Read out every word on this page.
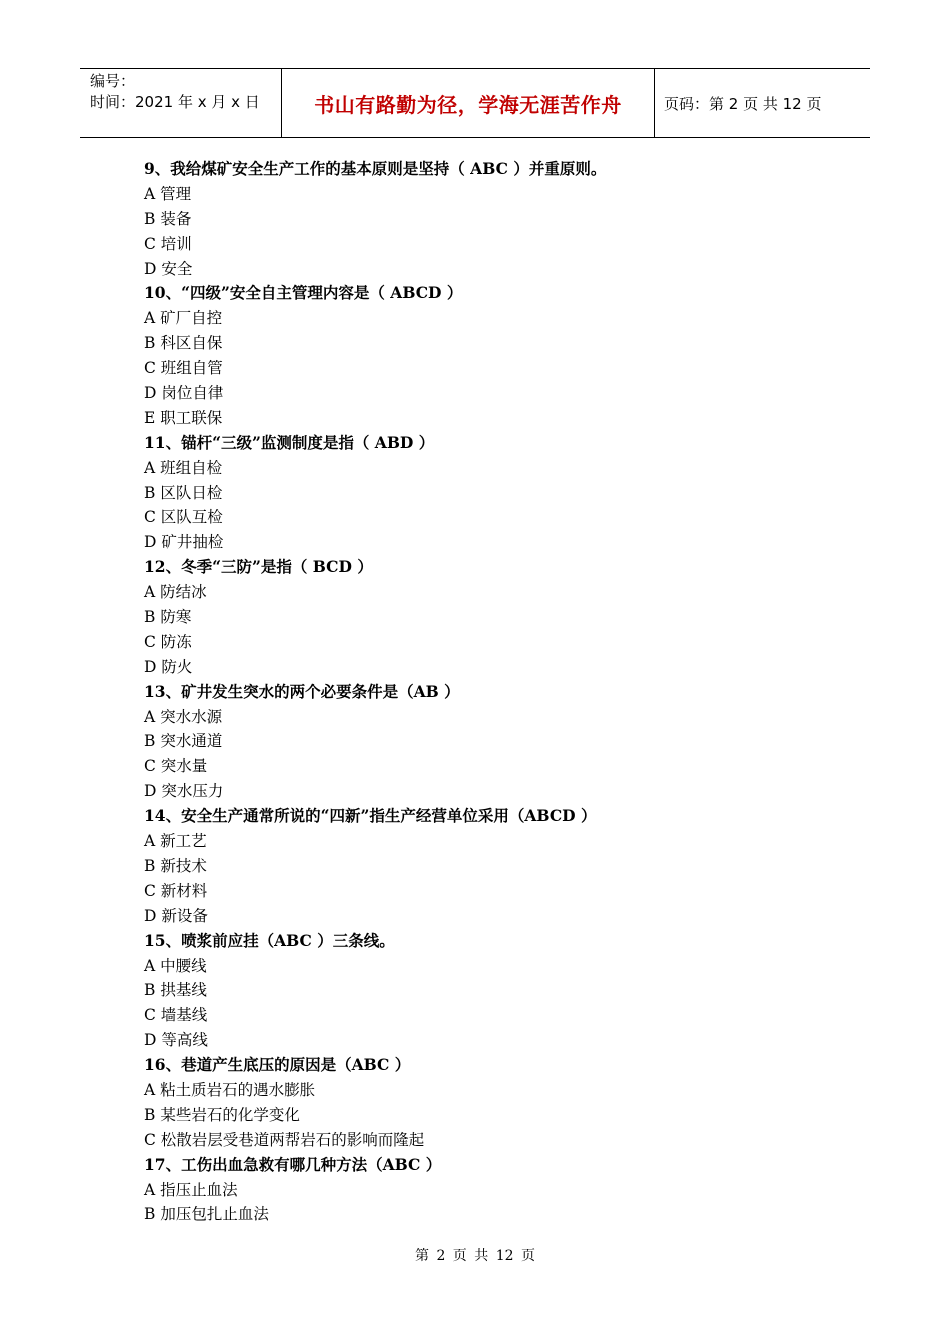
编号：
时间：2021 年 x 月 x 日	书山有路勤为径，学海无涯苦作舟	页码：第 2 页 共 12 页
9、我给煤矿安全生产工作的基本原则是坚持（ ABC ）并重原则。
A 管理
B 装备
C 培训
D 安全
10、“四级”安全自主管理内容是（ ABCD ）
A 矿厂自控
B 科区自保
C 班组自管
D 岗位自律
E 职工联保
11、锚杆“三级”监测制度是指（ ABD ）
A 班组自检
B 区队日检
C 区队互检
D 矿井抽检
12、冬季“三防”是指（ BCD ）
A 防结冰
B 防寒
C 防冻
D 防火
13、矿井发生突水的两个必要条件是（AB ）
A 突水水源
B 突水通道
C 突水量
D 突水压力
14、安全生产通常所说的“四新”指生产经营单位采用（ABCD ）
A 新工艺
B 新技术
C 新材料
D 新设备
15、喷浆前应挂（ABC ）三条线。
A 中腰线
B 拱基线
C 墙基线
D 等高线
16、巷道产生底压的原因是（ABC ）
A 粘土质岩石的遇水膨胀
B 某些岩石的化学变化
C 松散岩层受巷道两帮岩石的影响而隆起
17、工伤出血急救有哪几种方法（ABC ）
A 指压止血法
B 加压包扎止血法
第 2 页 共 12 页
